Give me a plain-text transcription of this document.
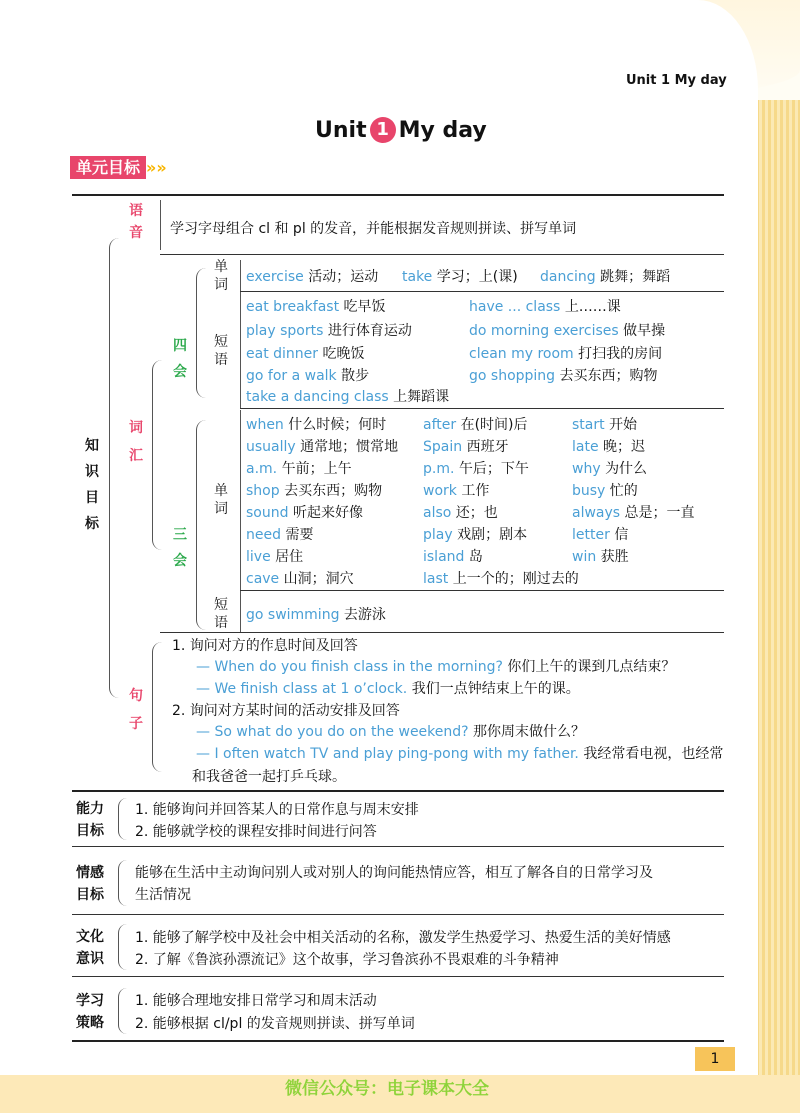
Unit 1 My day
Unit 1 My day
单元目标 »»
知
识
目
标
语
音 学习字母组合 cl 和 pl 的发音，并能根据发音规则拼读、拼写单词
词
汇
四
会
单
词 exercise 活动；运动 take 学习；上(课) dancing 跳舞；舞蹈
短
语
eat breakfast 吃早饭	have ... class 上……课
play sports 进行体育运动	do morning exercises 做早操
eat dinner 吃晚饭	clean my room 打扫我的房间
go for a walk 散步	go shopping 去买东西；购物
take a dancing class 上舞蹈课
三
会
单
词
when 什么时候；何时	after 在(时间)后	start 开始
usually 通常地；惯常地 Spain 西班牙	late 晚；迟
a.m. 午前；上午	p.m. 午后；下午	why 为什么
shop 去买东西；购物	work 工作	busy 忙的
sound 听起来好像	also 还；也	always 总是；一直
need 需要	play 戏剧；剧本	letter 信
live 居住	island 岛	win 获胜
cave 山洞；洞穴	last 上一个的；刚过去的
短
语 go swimming 去游泳
句
子
1. 询问对方的作息时间及回答
— When do you finish class in the morning? 你们上午的课到几点结束？
— We finish class at 1 o’clock. 我们一点钟结束上午的课。
2. 询问对方某时间的活动安排及回答
— So what do you do on the weekend? 那你周末做什么？
— I often watch TV and play ping-pong with my father. 我经常看电视，也经常
和我爸爸一起打乒乓球。
能力
目标
1. 能够询问并回答某人的日常作息与周末安排
2. 能够就学校的课程安排时间进行问答
情感
目标
能够在生活中主动询问别人或对别人的询问能热情应答，相互了解各自的日常学习及
生活情况
文化
意识
1. 能够了解学校中及社会中相关活动的名称，激发学生热爱学习、热爱生活的美好情感
2. 了解《鲁滨孙漂流记》这个故事，学习鲁滨孙不畏艰难的斗争精神
学习
策略
1. 能够合理地安排日常学习和周末活动
2. 能够根据 cl/pl 的发音规则拼读、拼写单词
1
微信公众号：电子课本大全
